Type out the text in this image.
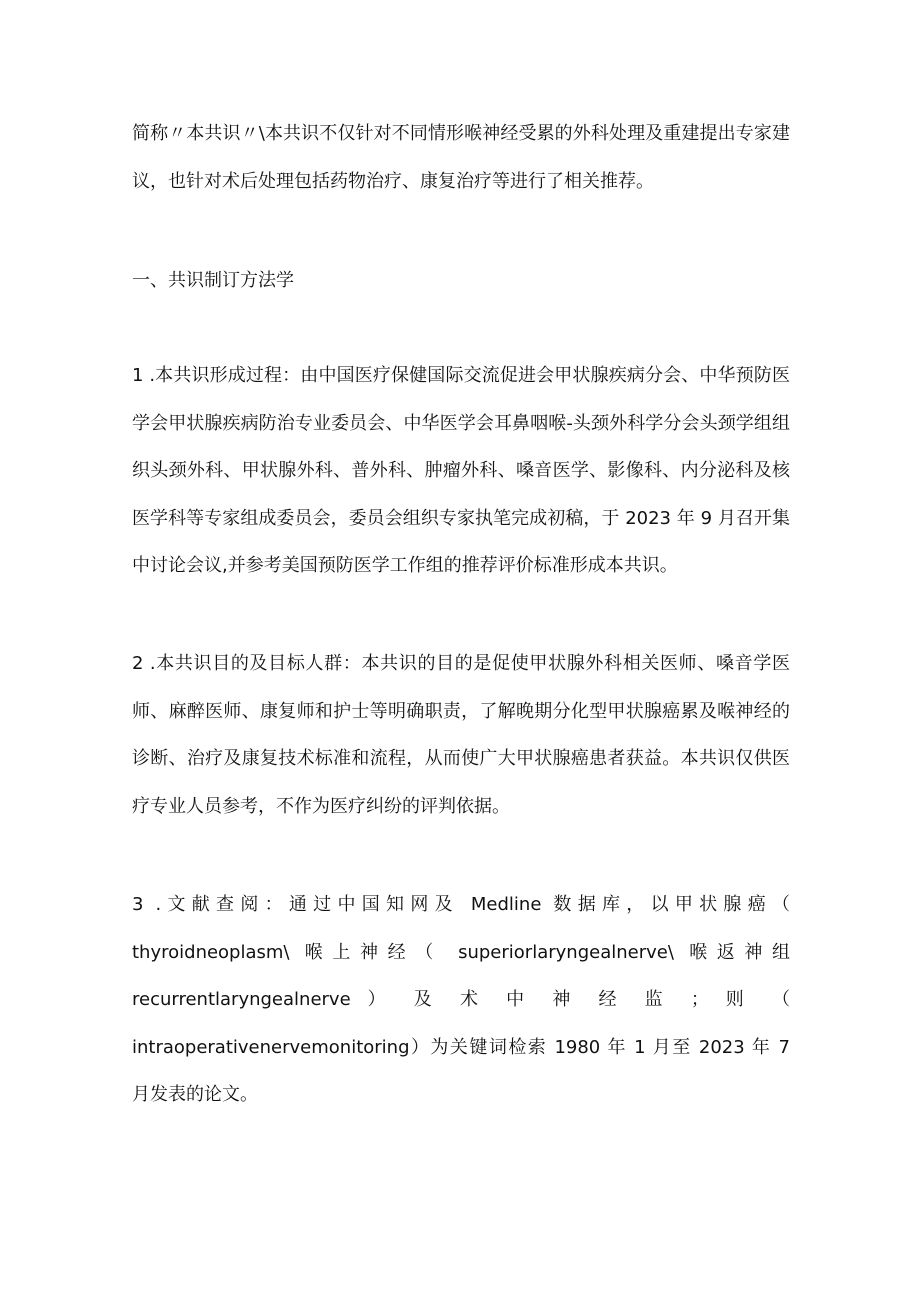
简称〃本共识〃\本共识不仅针对不同情形喉神经受累的外科处理及重建提出专家建议，也针对术后处理包括药物治疗、康复治疗等进行了相关推荐。

一、共识制订方法学

1 .本共识形成过程：由中国医疗保健国际交流促进会甲状腺疾病分会、中华预防医学会甲状腺疾病防治专业委员会、中华医学会耳鼻咽喉-头颈外科学分会头颈学组组织头颈外科、甲状腺外科、普外科、肿瘤外科、嗓音医学、影像科、内分泌科及核医学科等专家组成委员会，委员会组织专家执笔完成初稿，于 2023 年 9 月召开集中讨论会议,并参考美国预防医学工作组的推荐评价标准形成本共识。

2 .本共识目的及目标人群：本共识的目的是促使甲状腺外科相关医师、嗓音学医师、麻醉医师、康复师和护士等明确职责，了解晚期分化型甲状腺癌累及喉神经的诊断、治疗及康复技术标准和流程，从而使广大甲状腺癌患者获益。本共识仅供医疗专业人员参考，不作为医疗纠纷的评判依据。

3 .文献查阅：通过中国知网及 Medline 数据库，以甲状腺癌（
thyroidneoplasm\ 喉上神经（ superiorlaryngealnerve\ 喉返神组
recurrentlaryngealnerve ） 及 术 中 神 经 监 ； 则 （
intraoperativenervemonitoring）为关键词检索 1980 年 1 月至 2023 年 7
月发表的论文。
